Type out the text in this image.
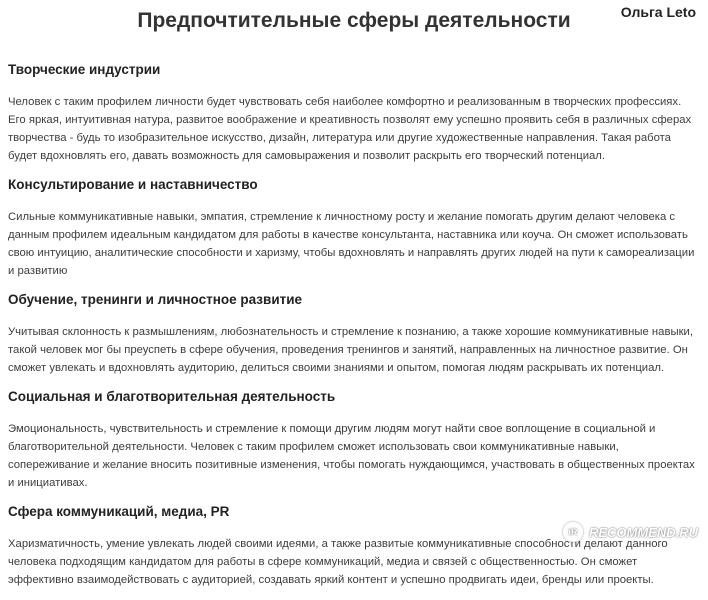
Ольга Leto
Предпочтительные сферы деятельности
Творческие индустрии

Человек с таким профилем личности будет чувствовать себя наиболее комфортно и реализованным в творческих профессиях. Его яркая, интуитивная натура, развитое воображение и креативность позволят ему успешно проявить себя в различных сферах творчества - будь то изобразительное искусство, дизайн, литература или другие художественные направления. Такая работа будет вдохновлять его, давать возможность для самовыражения и позволит раскрыть его творческий потенциал.

Консультирование и наставничество

Сильные коммуникативные навыки, эмпатия, стремление к личностному росту и желание помогать другим делают человека с данным профилем идеальным кандидатом для работы в качестве консультанта, наставника или коуча. Он сможет использовать свою интуицию, аналитические способности и харизму, чтобы вдохновлять и направлять других людей на пути к самореализации и развитию

Обучение, тренинги и личностное развитие

Учитывая склонность к размышлениям, любознательность и стремление к познанию, а также хорошие коммуникативные навыки, такой человек мог бы преуспеть в сфере обучения, проведения тренингов и занятий, направленных на личностное развитие. Он сможет увлекать и вдохновлять аудиторию, делиться своими знаниями и опытом, помогая людям раскрывать их потенциал.

Социальная и благотворительная деятельность

Эмоциональность, чувствительность и стремление к помощи другим людям могут найти свое воплощение в социальной и благотворительной деятельности. Человек с таким профилем сможет использовать свои коммуникативные навыки, сопереживание и желание вносить позитивные изменения, чтобы помогать нуждающимся, участвовать в общественных проектах и инициативах.

Сфера коммуникаций, медиа, PR

Харизматичность, умение увлекать людей своими идеями, а также развитые коммуникативные способности делают данного человека подходящим кандидатом для работы в сфере коммуникаций, медиа и связей с общественностью. Он сможет эффективно взаимодействовать с аудиторией, создавать яркий контент и успешно продвигать идеи, бренды или проекты.

iR RECOMMEND.RU
